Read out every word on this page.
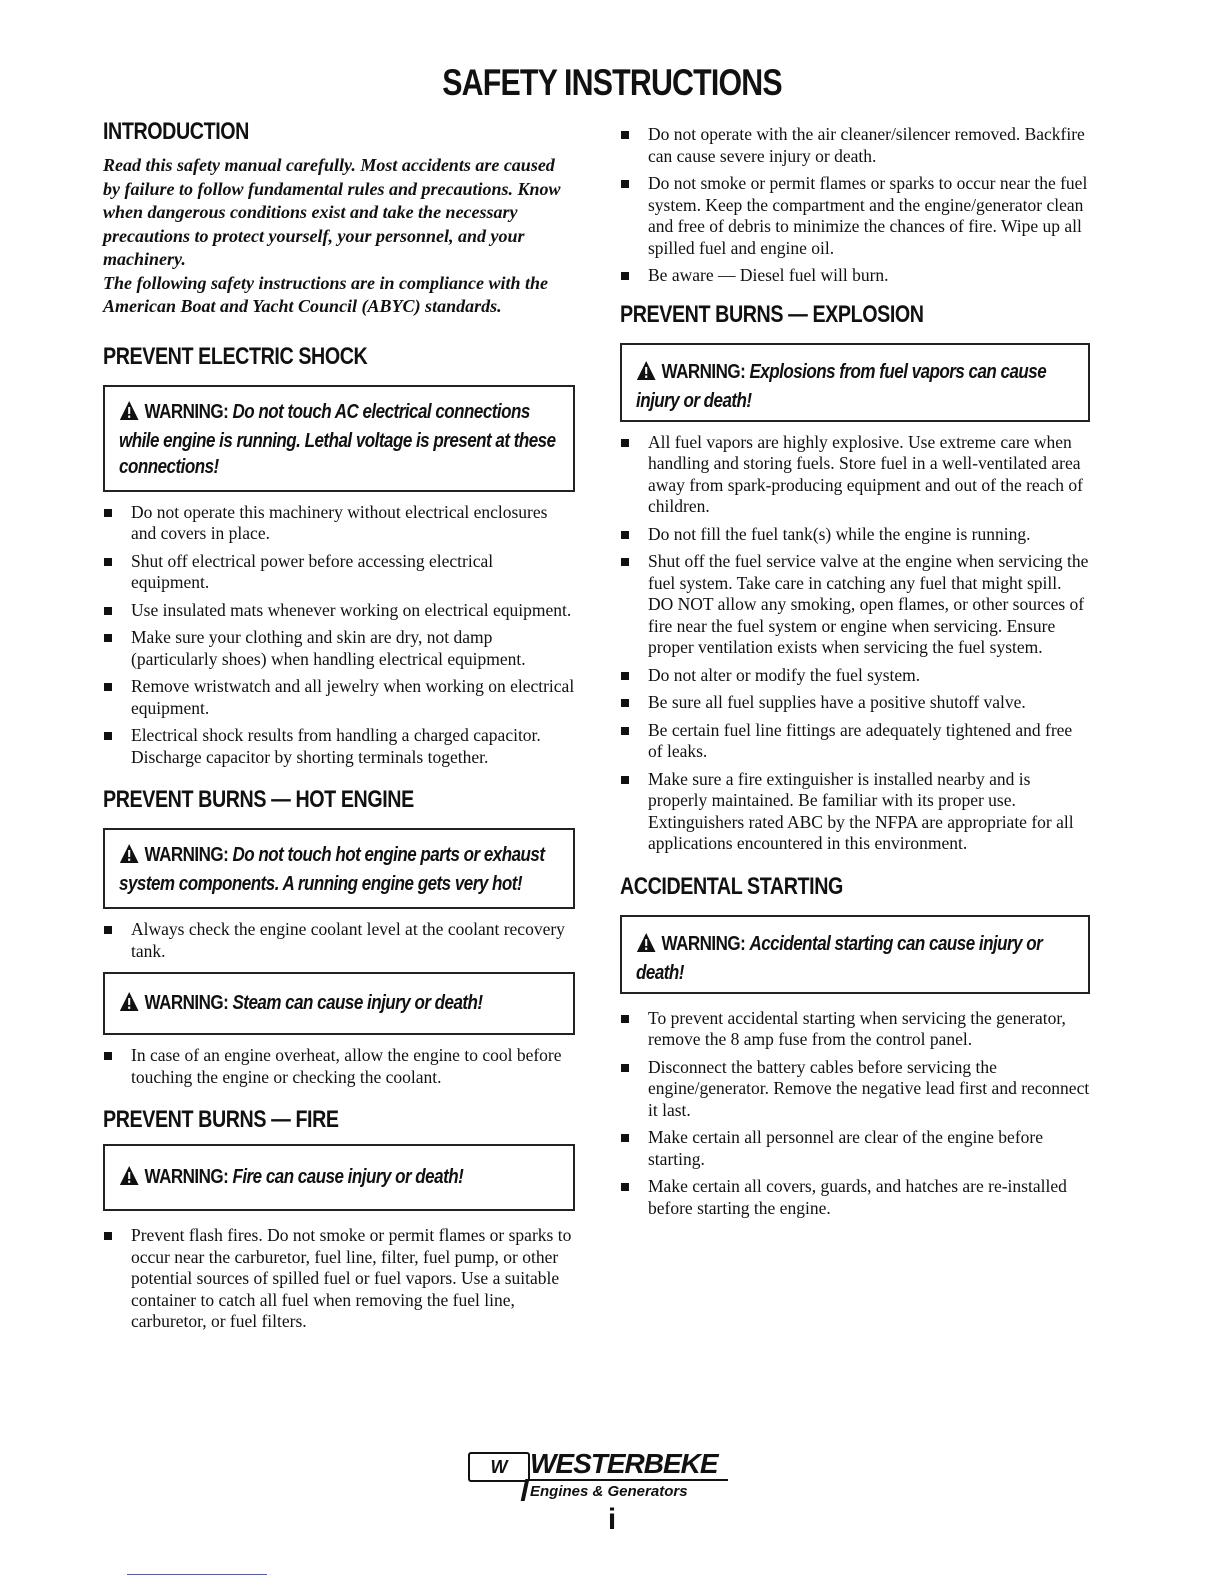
SAFETY INSTRUCTIONS
INTRODUCTION

Read this safety manual carefully. Most accidents are caused by failure to follow fundamental rules and precautions. Know when dangerous conditions exist and take the necessary precautions to protect yourself, your personnel, and your machinery.

The following safety instructions are in compliance with the American Boat and Yacht Council (ABYC) standards.

PREVENT ELECTRIC SHOCK

WARNING: Do not touch AC electrical connections while engine is running. Lethal voltage is present at these connections!

Do not operate this machinery without electrical enclosures and covers in place.
Shut off electrical power before accessing electrical equipment.
Use insulated mats whenever working on electrical equipment.
Make sure your clothing and skin are dry, not damp (particularly shoes) when handling electrical equipment.
Remove wristwatch and all jewelry when working on electrical equipment.
Electrical shock results from handling a charged capacitor. Discharge capacitor by shorting terminals together.
PREVENT BURNS — HOT ENGINE

WARNING: Do not touch hot engine parts or exhaust system components. A running engine gets very hot!

Always check the engine coolant level at the coolant recovery tank.

WARNING: Steam can cause injury or death!

In case of an engine overheat, allow the engine to cool before touching the engine or checking the coolant.
PREVENT BURNS — FIRE

WARNING: Fire can cause injury or death!

Prevent flash fires. Do not smoke or permit flames or sparks to occur near the carburetor, fuel line, filter, fuel pump, or other potential sources of spilled fuel or fuel vapors. Use a suitable container to catch all fuel when removing the fuel line, carburetor, or fuel filters.
Do not operate with the air cleaner/silencer removed. Backfire can cause severe injury or death.
Do not smoke or permit flames or sparks to occur near the fuel system. Keep the compartment and the engine/generator clean and free of debris to minimize the chances of fire. Wipe up all spilled fuel and engine oil.
Be aware — Diesel fuel will burn.
PREVENT BURNS — EXPLOSION

WARNING: Explosions from fuel vapors can cause injury or death!

All fuel vapors are highly explosive. Use extreme care when handling and storing fuels. Store fuel in a well-ventilated area away from spark-producing equipment and out of the reach of children.
Do not fill the fuel tank(s) while the engine is running.
Shut off the fuel service valve at the engine when servicing the fuel system. Take care in catching any fuel that might spill. DO NOT allow any smoking, open flames, or other sources of fire near the fuel system or engine when servicing. Ensure proper ventilation exists when servicing the fuel system.
Do not alter or modify the fuel system.
Be sure all fuel supplies have a positive shutoff valve.
Be certain fuel line fittings are adequately tightened and free of leaks.
Make sure a fire extinguisher is installed nearby and is properly maintained. Be familiar with its proper use. Extinguishers rated ABC by the NFPA are appropriate for all applications encountered in this environment.
ACCIDENTAL STARTING

WARNING: Accidental starting can cause injury or death!

To prevent accidental starting when servicing the generator, remove the 8 amp fuse from the control panel.
Disconnect the battery cables before servicing the engine/generator. Remove the negative lead first and reconnect it last.
Make certain all personnel are clear of the engine before starting.
Make certain all covers, guards, and hatches are re-installed before starting the engine.
W WESTERBEKE
Engines & Generators
i
